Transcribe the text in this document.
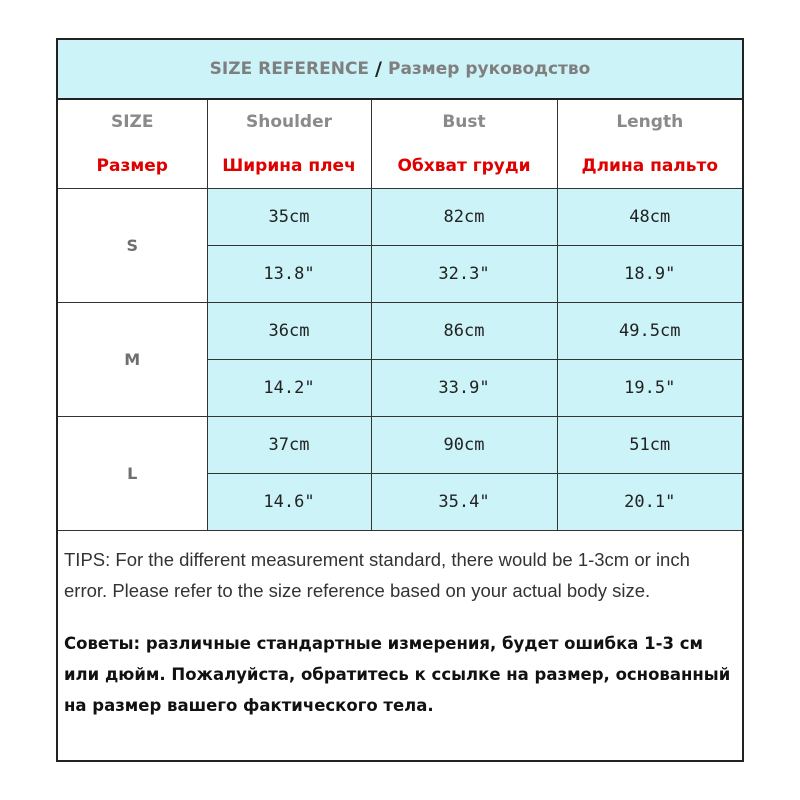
SIZE REFERENCE / Размер руководство
SIZE	Shoulder	Bust	Length
Размер	Ширина плеч	Обхват груди	Длина пальто
S	35cm	82cm	48cm
	13.8"	32.3"	18.9"
M	36cm	86cm	49.5cm
	14.2"	33.9"	19.5"
L	37cm	90cm	51cm
	14.6"	35.4"	20.1"

TIPS: For the different measurement standard, there would be 1-3cm or inch error. Please refer to the size reference based on your actual body size.

Советы: различные стандартные измерения, будет ошибка 1-3 см или дюйм. Пожалуйста, обратитесь к ссылке на размер, основанный на размер вашего фактического тела.
